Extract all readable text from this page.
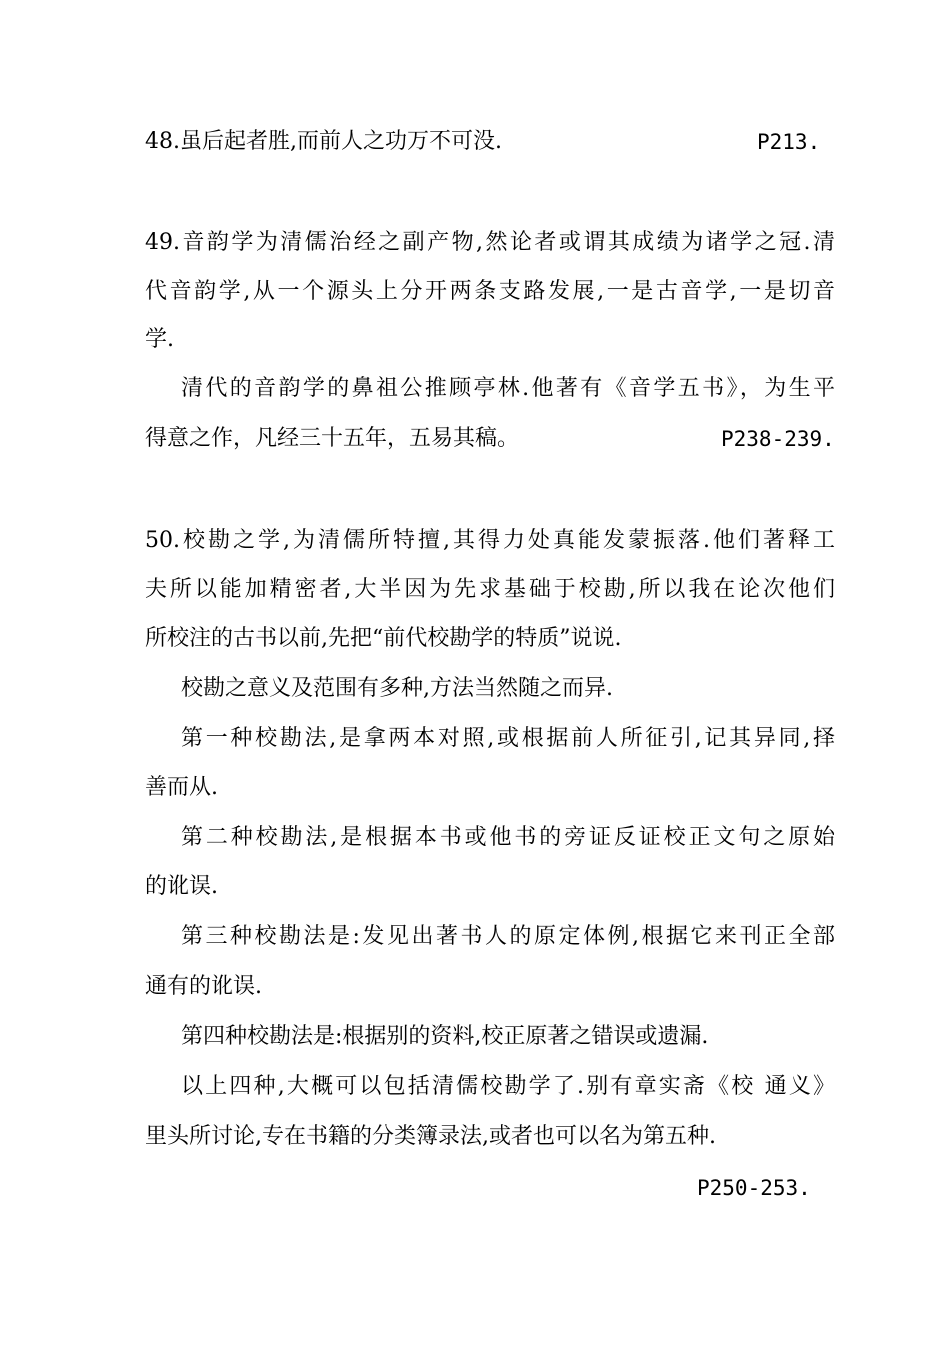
48.虽后起者胜,而前人之功万不可没.	P213.
49.音韵学为清儒治经之副产物,然论者或谓其成绩为诸学之冠.清
代音韵学,从一个源头上分开两条支路发展,一是古音学,一是切音
学.
清代的音韵学的鼻祖公推顾亭林.他著有《音学五书》，为生平
得意之作，凡经三十五年，五易其稿。	P238-239.
50.校勘之学,为清儒所特擅,其得力处真能发蒙振落.他们著释工
夫所以能加精密者,大半因为先求基础于校勘,所以我在论次他们
所校注的古书以前,先把“前代校勘学的特质”说说.
校勘之意义及范围有多种,方法当然随之而异.
第一种校勘法,是拿两本对照,或根据前人所征引,记其异同,择
善而从.
第二种校勘法,是根据本书或他书的旁证反证校正文句之原始
的讹误.
第三种校勘法是:发见出著书人的原定体例,根据它来刊正全部
通有的讹误.
第四种校勘法是:根据别的资料,校正原著之错误或遗漏.
以上四种,大概可以包括清儒校勘学了.别有章实斋《校 通义》
里头所讨论,专在书籍的分类簿录法,或者也可以名为第五种.
P250-253.
